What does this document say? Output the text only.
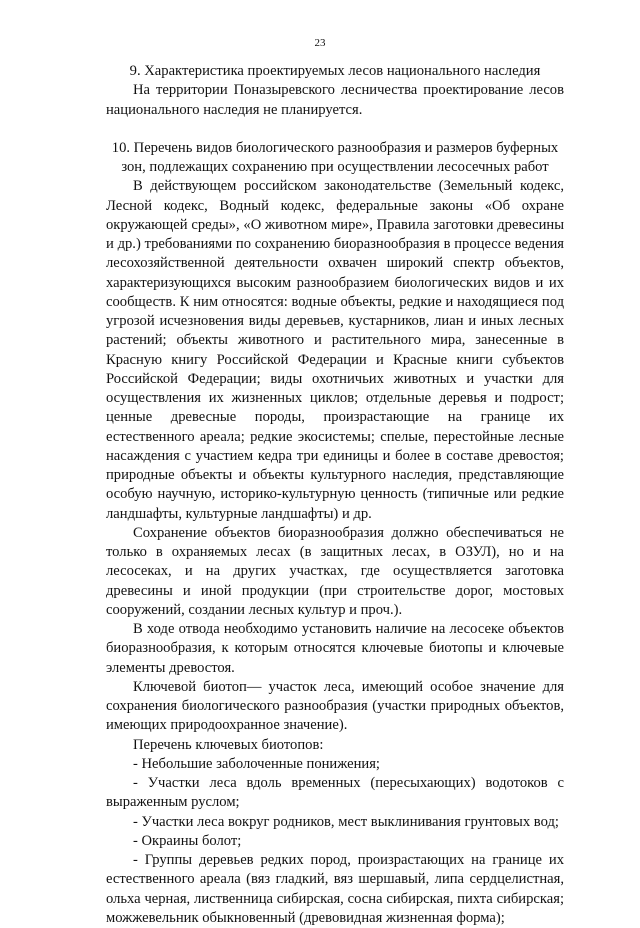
23
9. Характеристика проектируемых лесов национального наследия
На территории Поназыревского лесничества проектирование лесов национального наследия не планируется.
10. Перечень видов биологического разнообразия и размеров буферных
зон, подлежащих сохранению при осуществлении лесосечных работ
В действующем российском законодательстве (Земельный кодекс, Лесной кодекс, Водный кодекс, федеральные законы «Об охране окружающей среды», «О животном мире», Правила заготовки древесины и др.) требованиями по сохранению биоразнообразия в процессе ведения лесохозяйственной деятельности охвачен широкий спектр объектов, характеризующихся высоким разнообразием биологических видов и их сообществ. К ним относятся: водные объекты, редкие и находящиеся под угрозой исчезновения виды деревьев, кустарников, лиан и иных лесных растений; объекты животного и растительного мира, занесенные в Красную книгу Российской Федерации и Красные книги субъектов Российской Федерации; виды охотничьих животных и участки для осуществления их жизненных циклов; отдельные деревья и подрост; ценные древесные породы, произрастающие на границе их естественного ареала; редкие экосистемы; спелые, перестойные лесные насаждения с участием кедра три единицы и более в составе древостоя; природные объекты и объекты культурного наследия, представляющие особую научную, историко-культурную ценность (типичные или редкие ландшафты, культурные ландшафты) и др.
Сохранение объектов биоразнообразия должно обеспечиваться не только в охраняемых лесах (в защитных лесах, в ОЗУЛ), но и на лесосеках, и на других участках, где осуществляется заготовка древесины и иной продукции (при строительстве дорог, мостовых сооружений, создании лесных культур и проч.).
В ходе отвода необходимо установить наличие на лесосеке объектов биоразнообразия, к которым относятся ключевые биотопы и ключевые элементы древостоя.
Ключевой биотоп— участок леса, имеющий особое значение для сохранения биологического разнообразия (участки природных объектов, имеющих природоохранное значение).
Перечень ключевых биотопов:
- Небольшие заболоченные понижения;
- Участки леса вдоль временных (пересыхающих) водотоков с выраженным руслом;
- Участки леса вокруг родников, мест выклинивания грунтовых вод;
- Окраины болот;
- Группы деревьев редких пород, произрастающих на границе их естественного ареала (вяз гладкий, вяз шершавый, липа сердцелистная, ольха черная, лиственница сибирская, сосна сибирская, пихта сибирская; можжевельник обыкновенный (древовидная жизненная форма);
